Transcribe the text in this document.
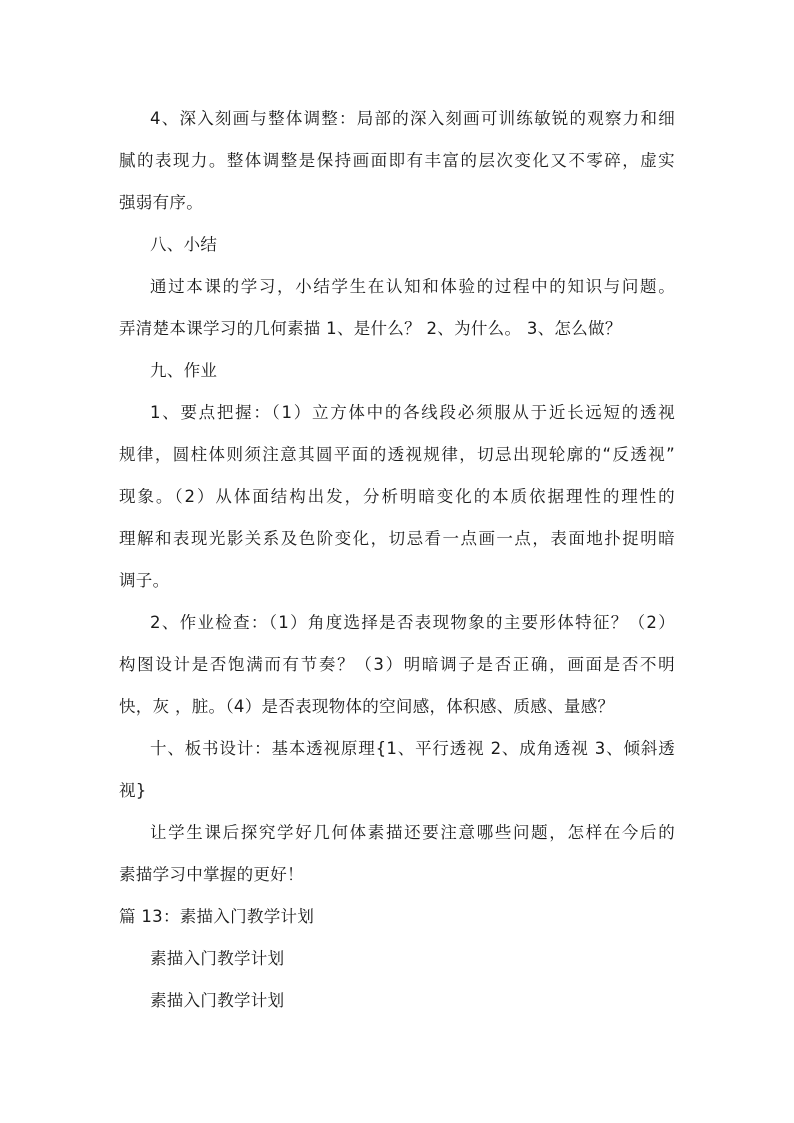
4、深入刻画与整体调整：局部的深入刻画可训练敏锐的观察力和细
腻的表现力。整体调整是保持画面即有丰富的层次变化又不零碎，虚实
强弱有序。
八、小结
通过本课的学习，小结学生在认知和体验的过程中的知识与问题。
弄清楚本课学习的几何素描 1、是什么？ 2、为什么。 3、怎么做？
九、作业
1、要点把握：（1）立方体中的各线段必须服从于近长远短的透视
规律，圆柱体则须注意其圆平面的透视规律，切忌出现轮廓的“反透视”
现象。（2）从体面结构出发，分析明暗变化的本质依据理性的理性的
理解和表现光影关系及色阶变化，切忌看一点画一点，表面地扑捉明暗
调子。
2、作业检查：（1）角度选择是否表现物象的主要形体特征？（2）
构图设计是否饱满而有节奏？（3）明暗调子是否正确，画面是否不明
快，灰 ，脏。（4）是否表现物体的空间感，体积感、质感、量感？
十、板书设计：基本透视原理{1、平行透视 2、成角透视 3、倾斜透
视}
让学生课后探究学好几何体素描还要注意哪些问题，怎样在今后的
素描学习中掌握的更好！
篇 13：素描入门教学计划
素描入门教学计划
素描入门教学计划
